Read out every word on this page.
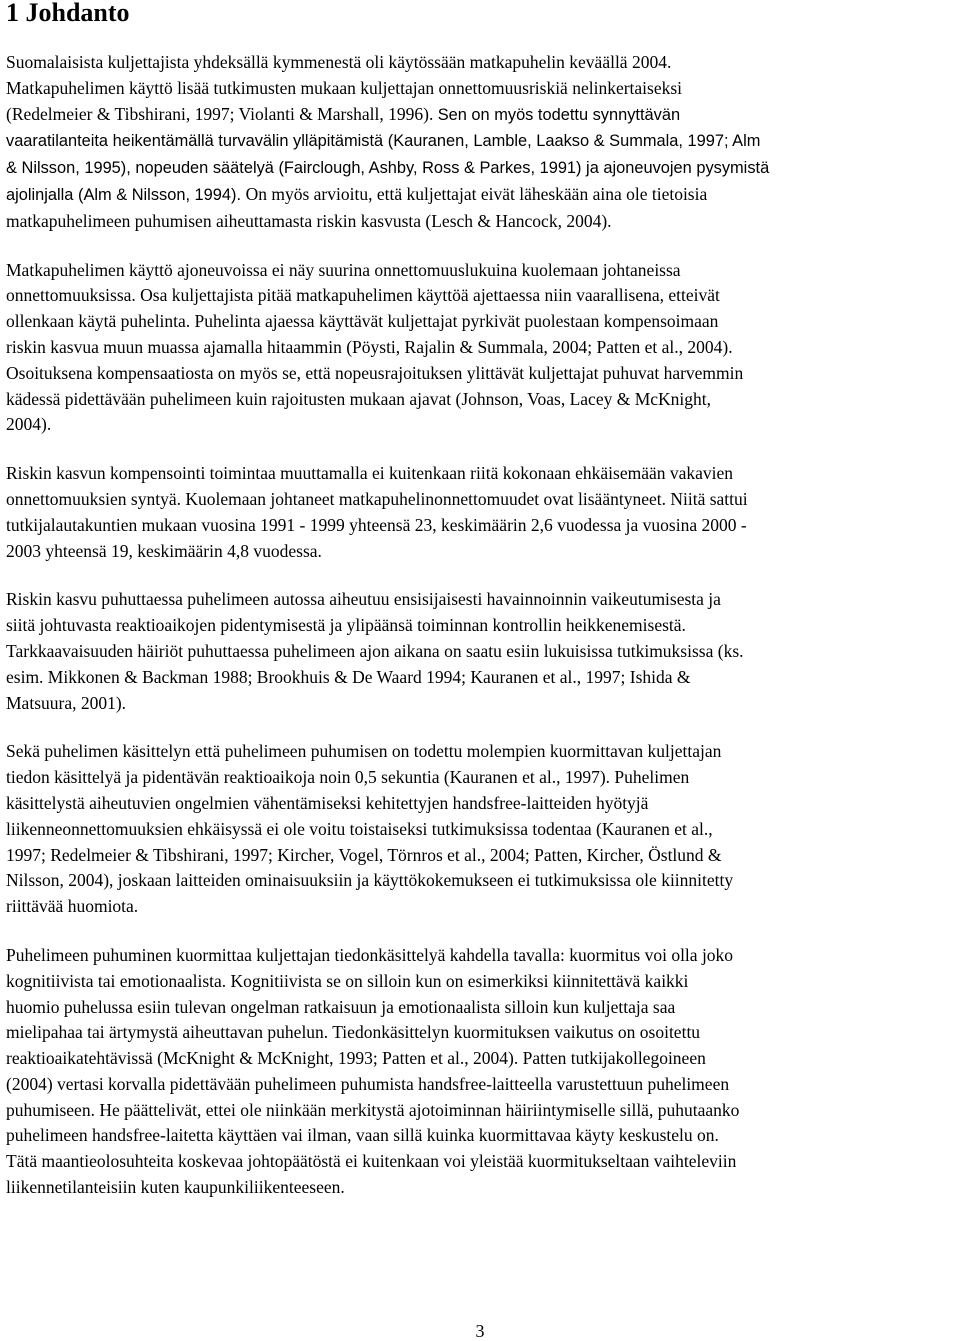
1 Johdanto

Suomalaisista kuljettajista yhdeksällä kymmenestä oli käytössään matkapuhelin keväällä 2004.
Matkapuhelimen käyttö lisää tutkimusten mukaan kuljettajan onnettomuusriskiä nelinkertaiseksi
(Redelmeier & Tibshirani, 1997; Violanti & Marshall, 1996). Sen on myös todettu synnyttävän
vaaratilanteita heikentämällä turvavälin ylläpitämistä (Kauranen, Lamble, Laakso & Summala, 1997; Alm
& Nilsson, 1995), nopeuden säätelyä (Fairclough, Ashby, Ross & Parkes, 1991) ja ajoneuvojen pysymistä
ajolinjalla (Alm & Nilsson, 1994). On myös arvioitu, että kuljettajat eivät läheskään aina ole tietoisia
matkapuhelimeen puhumisen aiheuttamasta riskin kasvusta (Lesch & Hancock, 2004).

Matkapuhelimen käyttö ajoneuvoissa ei näy suurina onnettomuuslukuina kuolemaan johtaneissa
onnettomuuksissa. Osa kuljettajista pitää matkapuhelimen käyttöä ajettaessa niin vaarallisena, etteivät
ollenkaan käytä puhelinta. Puhelinta ajaessa käyttävät kuljettajat pyrkivät puolestaan kompensoimaan
riskin kasvua muun muassa ajamalla hitaammin (Pöysti, Rajalin & Summala, 2004; Patten et al., 2004).
Osoituksena kompensaatiosta on myös se, että nopeusrajoituksen ylittävät kuljettajat puhuvat harvemmin
kädessä pidettävään puhelimeen kuin rajoitusten mukaan ajavat (Johnson, Voas, Lacey & McKnight,
2004).

Riskin kasvun kompensointi toimintaa muuttamalla ei kuitenkaan riitä kokonaan ehkäisemään vakavien
onnettomuuksien syntyä. Kuolemaan johtaneet matkapuhelinonnettomuudet ovat lisääntyneet. Niitä sattui
tutkijalautakuntien mukaan vuosina 1991 - 1999 yhteensä 23, keskimäärin 2,6 vuodessa ja vuosina 2000 -
2003 yhteensä 19, keskimäärin 4,8 vuodessa.

Riskin kasvu puhuttaessa puhelimeen autossa aiheutuu ensisijaisesti havainnoinnin vaikeutumisesta ja
siitä johtuvasta reaktioaikojen pidentymisestä ja ylipäänsä toiminnan kontrollin heikkenemisestä.
Tarkkaavaisuuden häiriöt puhuttaessa puhelimeen ajon aikana on saatu esiin lukuisissa tutkimuksissa (ks.
esim. Mikkonen & Backman 1988; Brookhuis & De Waard 1994; Kauranen et al., 1997; Ishida &
Matsuura, 2001).

Sekä puhelimen käsittelyn että puhelimeen puhumisen on todettu molempien kuormittavan kuljettajan
tiedon käsittelyä ja pidentävän reaktioaikoja noin 0,5 sekuntia (Kauranen et al., 1997). Puhelimen
käsittelystä aiheutuvien ongelmien vähentämiseksi kehitettyjen handsfree-laitteiden hyötyjä
liikenneonnettomuuksien ehkäisyssä ei ole voitu toistaiseksi tutkimuksissa todentaa (Kauranen et al.,
1997; Redelmeier & Tibshirani, 1997; Kircher, Vogel, Törnros et al., 2004; Patten, Kircher, Östlund &
Nilsson, 2004), joskaan laitteiden ominaisuuksiin ja käyttökokemukseen ei tutkimuksissa ole kiinnitetty
riittävää huomiota.

Puhelimeen puhuminen kuormittaa kuljettajan tiedonkäsittelyä kahdella tavalla: kuormitus voi olla joko
kognitiivista tai emotionaalista. Kognitiivista se on silloin kun on esimerkiksi kiinnitettävä kaikki
huomio puhelussa esiin tulevan ongelman ratkaisuun ja emotionaalista silloin kun kuljettaja saa
mielipahaa tai ärtymystä aiheuttavan puhelun. Tiedonkäsittelyn kuormituksen vaikutus on osoitettu
reaktioaikatehtävissä (McKnight & McKnight, 1993; Patten et al., 2004). Patten tutkijakollegoineen
(2004) vertasi korvalla pidettävään puhelimeen puhumista handsfree-laitteella varustettuun puhelimeen
puhumiseen. He päättelivät, ettei ole niinkään merkitystä ajotoiminnan häiriintymiselle sillä, puhutaanko
puhelimeen handsfree-laitetta käyttäen vai ilman, vaan sillä kuinka kuormittavaa käyty keskustelu on.
Tätä maantieolosuhteita koskevaa johtopäätöstä ei kuitenkaan voi yleistää kuormitukseltaan vaihteleviin
liikennetilanteisiin kuten kaupunkiliikenteeseen.

3
